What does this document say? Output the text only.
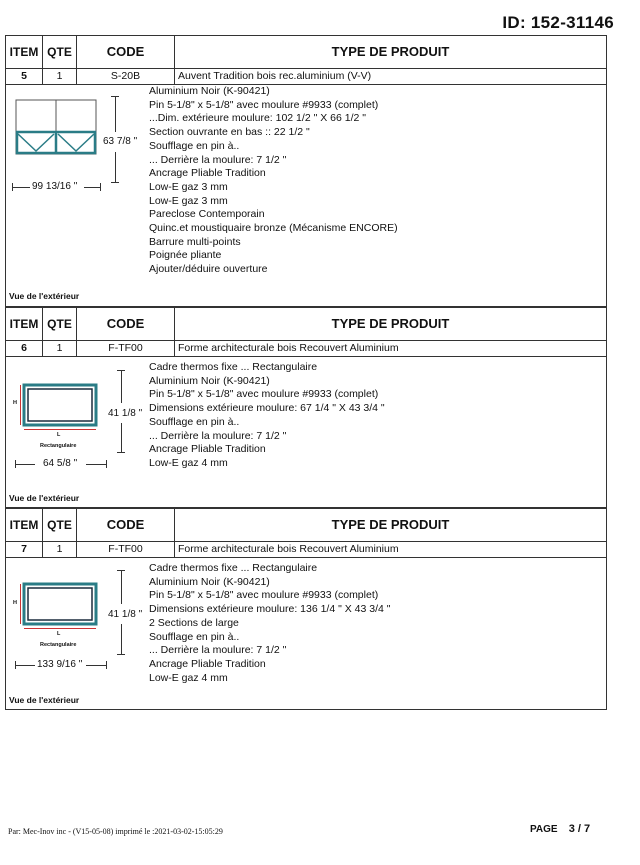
ID: 152-31146
ITEM QTE	CODE	TYPE DE PRODUIT
5	1	S-20B	Auvent Tradition bois rec.aluminium (V-V)
63 7/8 "
99 13/16 "
Aluminium Noir (K-90421)
Pin 5-1/8" x 5-1/8" avec moulure #9933 (complet)
...Dim. extérieure moulure: 102 1/2 " X 66 1/2 "
Section ouvrante en bas :: 22 1/2 "
Soufflage en pin à..
... Derrière la moulure: 7 1/2 "
Ancrage Pliable Tradition
Low-E gaz 3 mm
Low-E gaz 3 mm
Pareclose Contemporain
Quinc.et moustiquaire bronze (Mécanisme ENCORE)
Barrure multi-points
Poignée pliante
Ajouter/déduire ouverture
Vue de l'extérieur
ITEM QTE	CODE	TYPE DE PRODUIT
6	1	F-TF00	Forme architecturale bois Recouvert Aluminium
H
L
Rectangulaire
41 1/8 "
64 5/8 "
Cadre thermos fixe ... Rectangulaire
Aluminium Noir (K-90421)
Pin 5-1/8" x 5-1/8" avec moulure #9933 (complet)
Dimensions extérieure moulure: 67 1/4 " X 43 3/4 "
Soufflage en pin à..
... Derrière la moulure: 7 1/2 "
Ancrage Pliable Tradition
Low-E gaz 4 mm
Vue de l'extérieur
ITEM QTE	CODE	TYPE DE PRODUIT
7	1	F-TF00	Forme architecturale bois Recouvert Aluminium
H
L
Rectangulaire
41 1/8 "
133 9/16 "
Cadre thermos fixe ... Rectangulaire
Aluminium Noir (K-90421)
Pin 5-1/8" x 5-1/8" avec moulure #9933 (complet)
Dimensions extérieure moulure: 136 1/4 " X 43 3/4 "
2 Sections de large
Soufflage en pin à..
... Derrière la moulure: 7 1/2 "
Ancrage Pliable Tradition
Low-E gaz 4 mm
Vue de l'extérieur
Par: Mec-Inov inc - (V15-05-08) imprimé le :2021-03-02-15:05:29	PAGE 3 / 7
